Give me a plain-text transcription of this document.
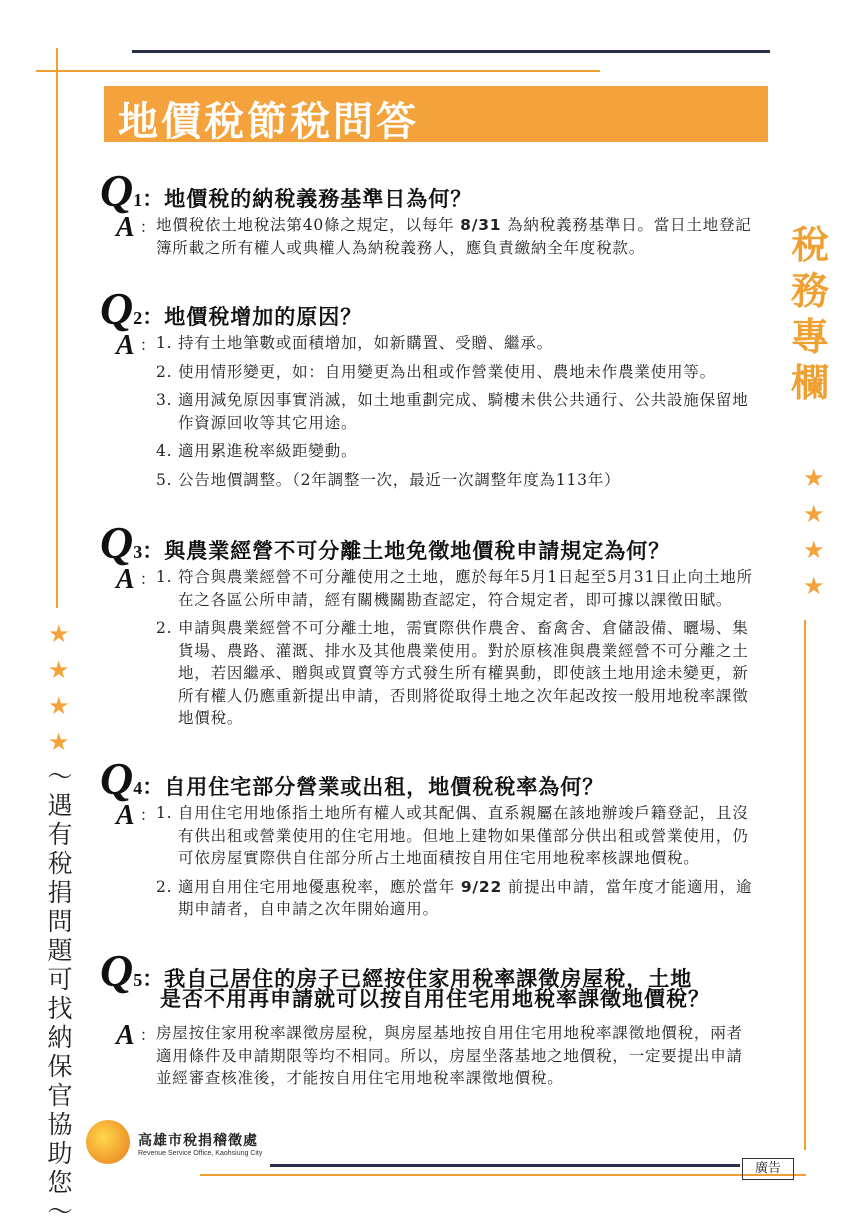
地價稅節稅問答
稅務專欄
★
★
★
★
★
★
★
★
～遇有稅捐問題可找納保官協助您～
Q 1 ：地價稅的納稅義務基準日為何？
A ： 地價稅依土地稅法第40條之規定，以每年 8/31 為納稅義務基準日。當日土地登記簿所載之所有權人或典權人為納稅義務人，應負責繳納全年度稅款。
Q 2 ：地價稅增加的原因？
A ： 1. 持有土地筆數或面積增加，如新購置、受贈、繼承。
2. 使用情形變更，如：自用變更為出租或作營業使用、農地未作農業使用等。
3. 適用減免原因事實消滅，如土地重劃完成、騎樓未供公共通行、公共設施保留地作資源回收等其它用途。
4. 適用累進稅率級距變動。
5. 公告地價調整。（2年調整一次，最近一次調整年度為113年）
Q 3 ：與農業經營不可分離土地免徵地價稅申請規定為何？
A ： 1. 符合與農業經營不可分離使用之土地，應於每年5月1日起至5月31日止向土地所在之各區公所申請，經有關機關勘查認定，符合規定者，即可據以課徵田賦。
2. 申請與農業經營不可分離土地，需實際供作農舍、畜禽舍、倉儲設備、曬場、集貨場、農路、灌溉、排水及其他農業使用。對於原核准與農業經營不可分離之土地，若因繼承、贈與或買賣等方式發生所有權異動，即使該土地用途未變更，新所有權人仍應重新提出申請，否則將從取得土地之次年起改按一般用地稅率課徵地價稅。
Q 4 ：自用住宅部分營業或出租，地價稅稅率為何？
A ： 1. 自用住宅用地係指土地所有權人或其配偶、直系親屬在該地辦竣戶籍登記，且沒有供出租或營業使用的住宅用地。但地上建物如果僅部分供出租或營業使用，仍可依房屋實際供自住部分所占土地面積按自用住宅用地稅率核課地價稅。
2. 適用自用住宅用地優惠稅率，應於當年 9/22 前提出申請，當年度才能適用，逾期申請者，自申請之次年開始適用。
Q 5 ：我自己居住的房子已經按住家用稅率課徵房屋稅，土地
是否不用再申請就可以按自用住宅用地稅率課徵地價稅？
A ： 房屋按住家用稅率課徵房屋稅，與房屋基地按自用住宅用地稅率課徵地價稅，兩者適用條件及申請期限等均不相同。所以，房屋坐落基地之地價稅，一定要提出申請並經審查核准後，才能按自用住宅用地稅率課徵地價稅。
高雄市稅捐稽徵處
Revenue Service Office, Kaohsiung City
廣告
